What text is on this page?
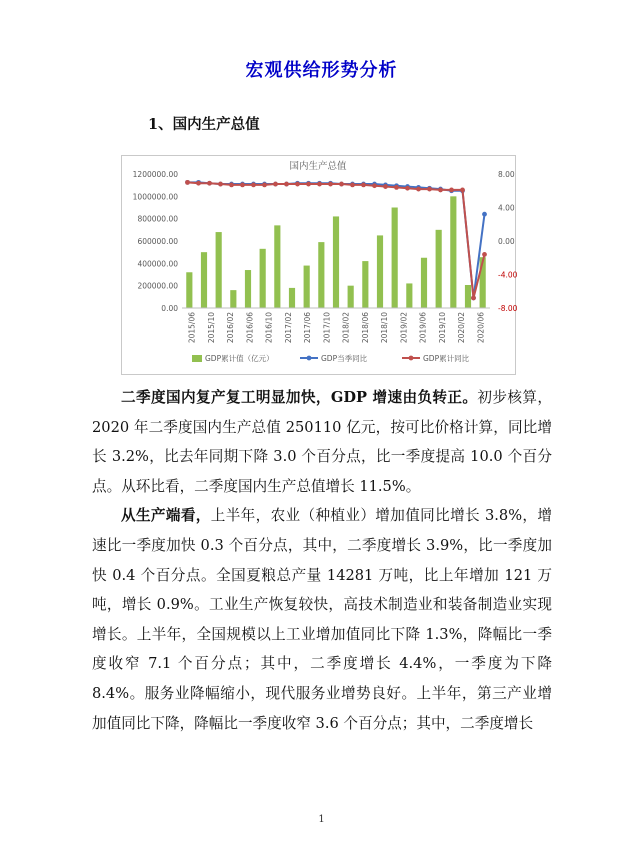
宏观供给形势分析
1、国内生产总值
国内生产总值
0.00
200000.00
400000.00
600000.00
800000.00
1000000.00
1200000.00	8.00
4.00
0.00
-4.00
-8.00
2015/06 2015/10 2016/02 2016/06 2016/10 2017/02 2017/06 2017/10 2018/02 2018/06 2018/10 2019/02 2019/06 2019/10 2020/02 2020/06
GDP累计值（亿元）	GDP当季同比	GDP累计同比

二季度国内复产复工明显加快，GDP 增速由负转正。初步核算，2020 年二季度国内生产总值 250110 亿元，按可比价格计算，同比增长 3.2%，比去年同期下降 3.0 个百分点，比一季度提高 10.0 个百分点。从环比看，二季度国内生产总值增长 11.5%。

从生产端看，上半年，农业（种植业）增加值同比增长 3.8%，增速比一季度加快 0.3 个百分点，其中，二季度增长 3.9%，比一季度加快 0.4 个百分点。全国夏粮总产量 14281 万吨，比上年增加 121 万吨，增长 0.9%。工业生产恢复较快，高技术制造业和装备制造业实现增长。上半年，全国规模以上工业增加值同比下降 1.3%，降幅比一季度收窄 7.1 个百分点；其中，二季度增长 4.4%，一季度为下降 8.4%。服务业降幅缩小，现代服务业增势良好。上半年，第三产业增加值同比下降，降幅比一季度收窄 3.6 个百分点；其中，二季度增长

1
